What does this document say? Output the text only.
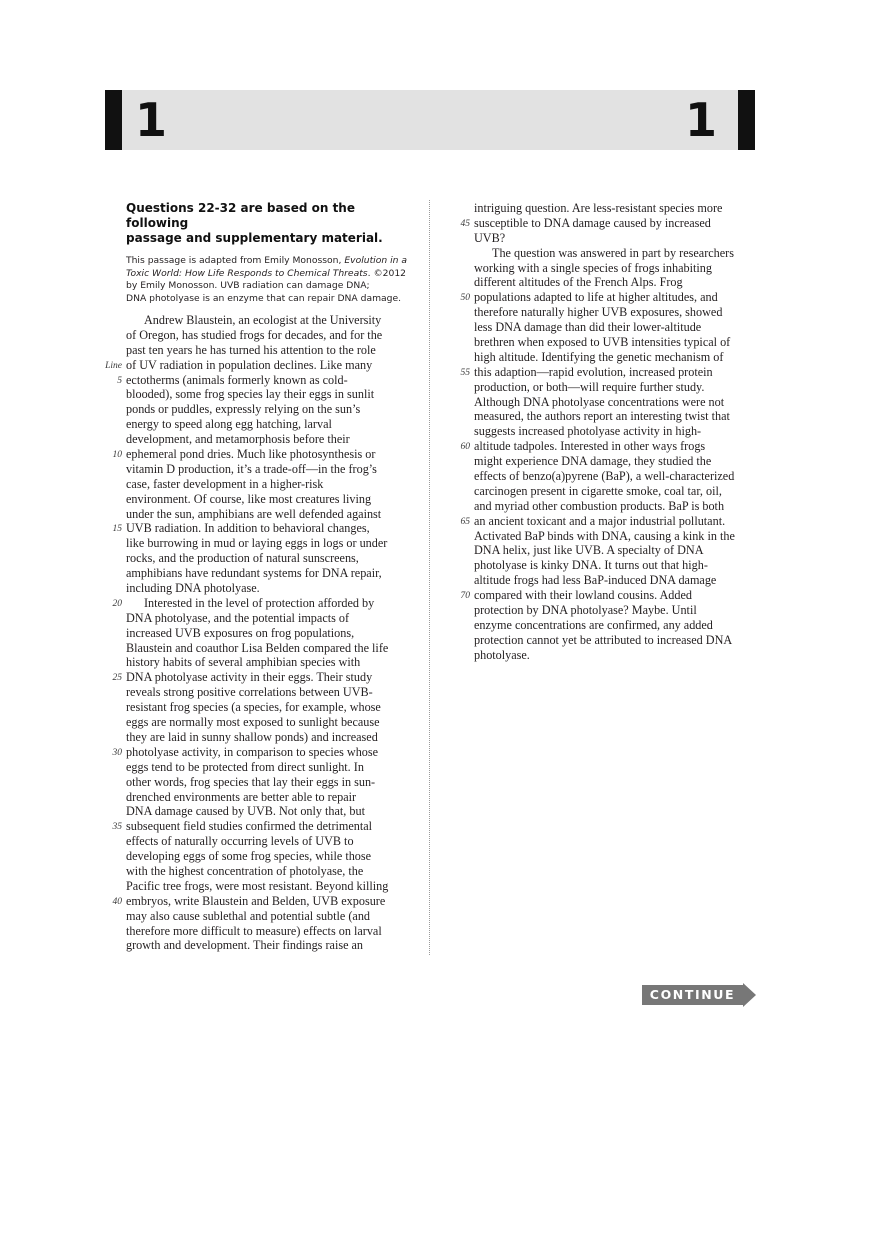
1	1
Questions 22-32 are based on the following
passage and supplementary material.
This passage is adapted from Emily Monosson, Evolution in a
Toxic World: How Life Responds to Chemical Threats. ©2012
by Emily Monosson. UVB radiation can damage DNA;
DNA photolyase is an enzyme that can repair DNA damage.
Andrew Blaustein, an ecologist at the University
of Oregon, has studied frogs for decades, and for the
past ten years he has turned his attention to the role
of UV radiation in population declines. Like many
Line
ectotherms (animals formerly known as cold-
5
blooded), some frog species lay their eggs in sunlit
ponds or puddles, expressly relying on the sun’s
energy to speed along egg hatching, larval
development, and metamorphosis before their
ephemeral pond dries. Much like photosynthesis or
10
vitamin D production, it’s a trade-off—in the frog’s
case, faster development in a higher-risk
environment. Of course, like most creatures living
under the sun, amphibians are well defended against
UVB radiation. In addition to behavioral changes,
15
like burrowing in mud or laying eggs in logs or under
rocks, and the production of natural sunscreens,
amphibians have redundant systems for DNA repair,
including DNA photolyase.
Interested in the level of protection afforded by
20
DNA photolyase, and the potential impacts of
increased UVB exposures on frog populations,
Blaustein and coauthor Lisa Belden compared the life
history habits of several amphibian species with
DNA photolyase activity in their eggs. Their study
25
reveals strong positive correlations between UVB-
resistant frog species (a species, for example, whose
eggs are normally most exposed to sunlight because
they are laid in sunny shallow ponds) and increased
photolyase activity, in comparison to species whose
30
eggs tend to be protected from direct sunlight. In
other words, frog species that lay their eggs in sun-
drenched environments are better able to repair
DNA damage caused by UVB. Not only that, but
subsequent field studies confirmed the detrimental
35
effects of naturally occurring levels of UVB to
developing eggs of some frog species, while those
with the highest concentration of photolyase, the
Pacific tree frogs, were most resistant. Beyond killing
embryos, write Blaustein and Belden, UVB exposure
40
may also cause sublethal and potential subtle (and
therefore more difficult to measure) effects on larval
growth and development. Their findings raise an
intriguing question. Are less-resistant species more
susceptible to DNA damage caused by increased
45
UVB?
The question was answered in part by researchers
working with a single species of frogs inhabiting
different altitudes of the French Alps. Frog
populations adapted to life at higher altitudes, and
50
therefore naturally higher UVB exposures, showed
less DNA damage than did their lower-altitude
brethren when exposed to UVB intensities typical of
high altitude. Identifying the genetic mechanism of
this adaption—rapid evolution, increased protein
55
production, or both—will require further study.
Although DNA photolyase concentrations were not
measured, the authors report an interesting twist that
suggests increased photolyase activity in high-
altitude tadpoles. Interested in other ways frogs
60
might experience DNA damage, they studied the
effects of benzo(a)pyrene (BaP), a well-characterized
carcinogen present in cigarette smoke, coal tar, oil,
and myriad other combustion products. BaP is both
an ancient toxicant and a major industrial pollutant.
65
Activated BaP binds with DNA, causing a kink in the
DNA helix, just like UVB. A specialty of DNA
photolyase is kinky DNA. It turns out that high-
altitude frogs had less BaP-induced DNA damage
compared with their lowland cousins. Added
70
protection by DNA photolyase? Maybe. Until
enzyme concentrations are confirmed, any added
protection cannot yet be attributed to increased DNA
photolyase.
CONTINUE
